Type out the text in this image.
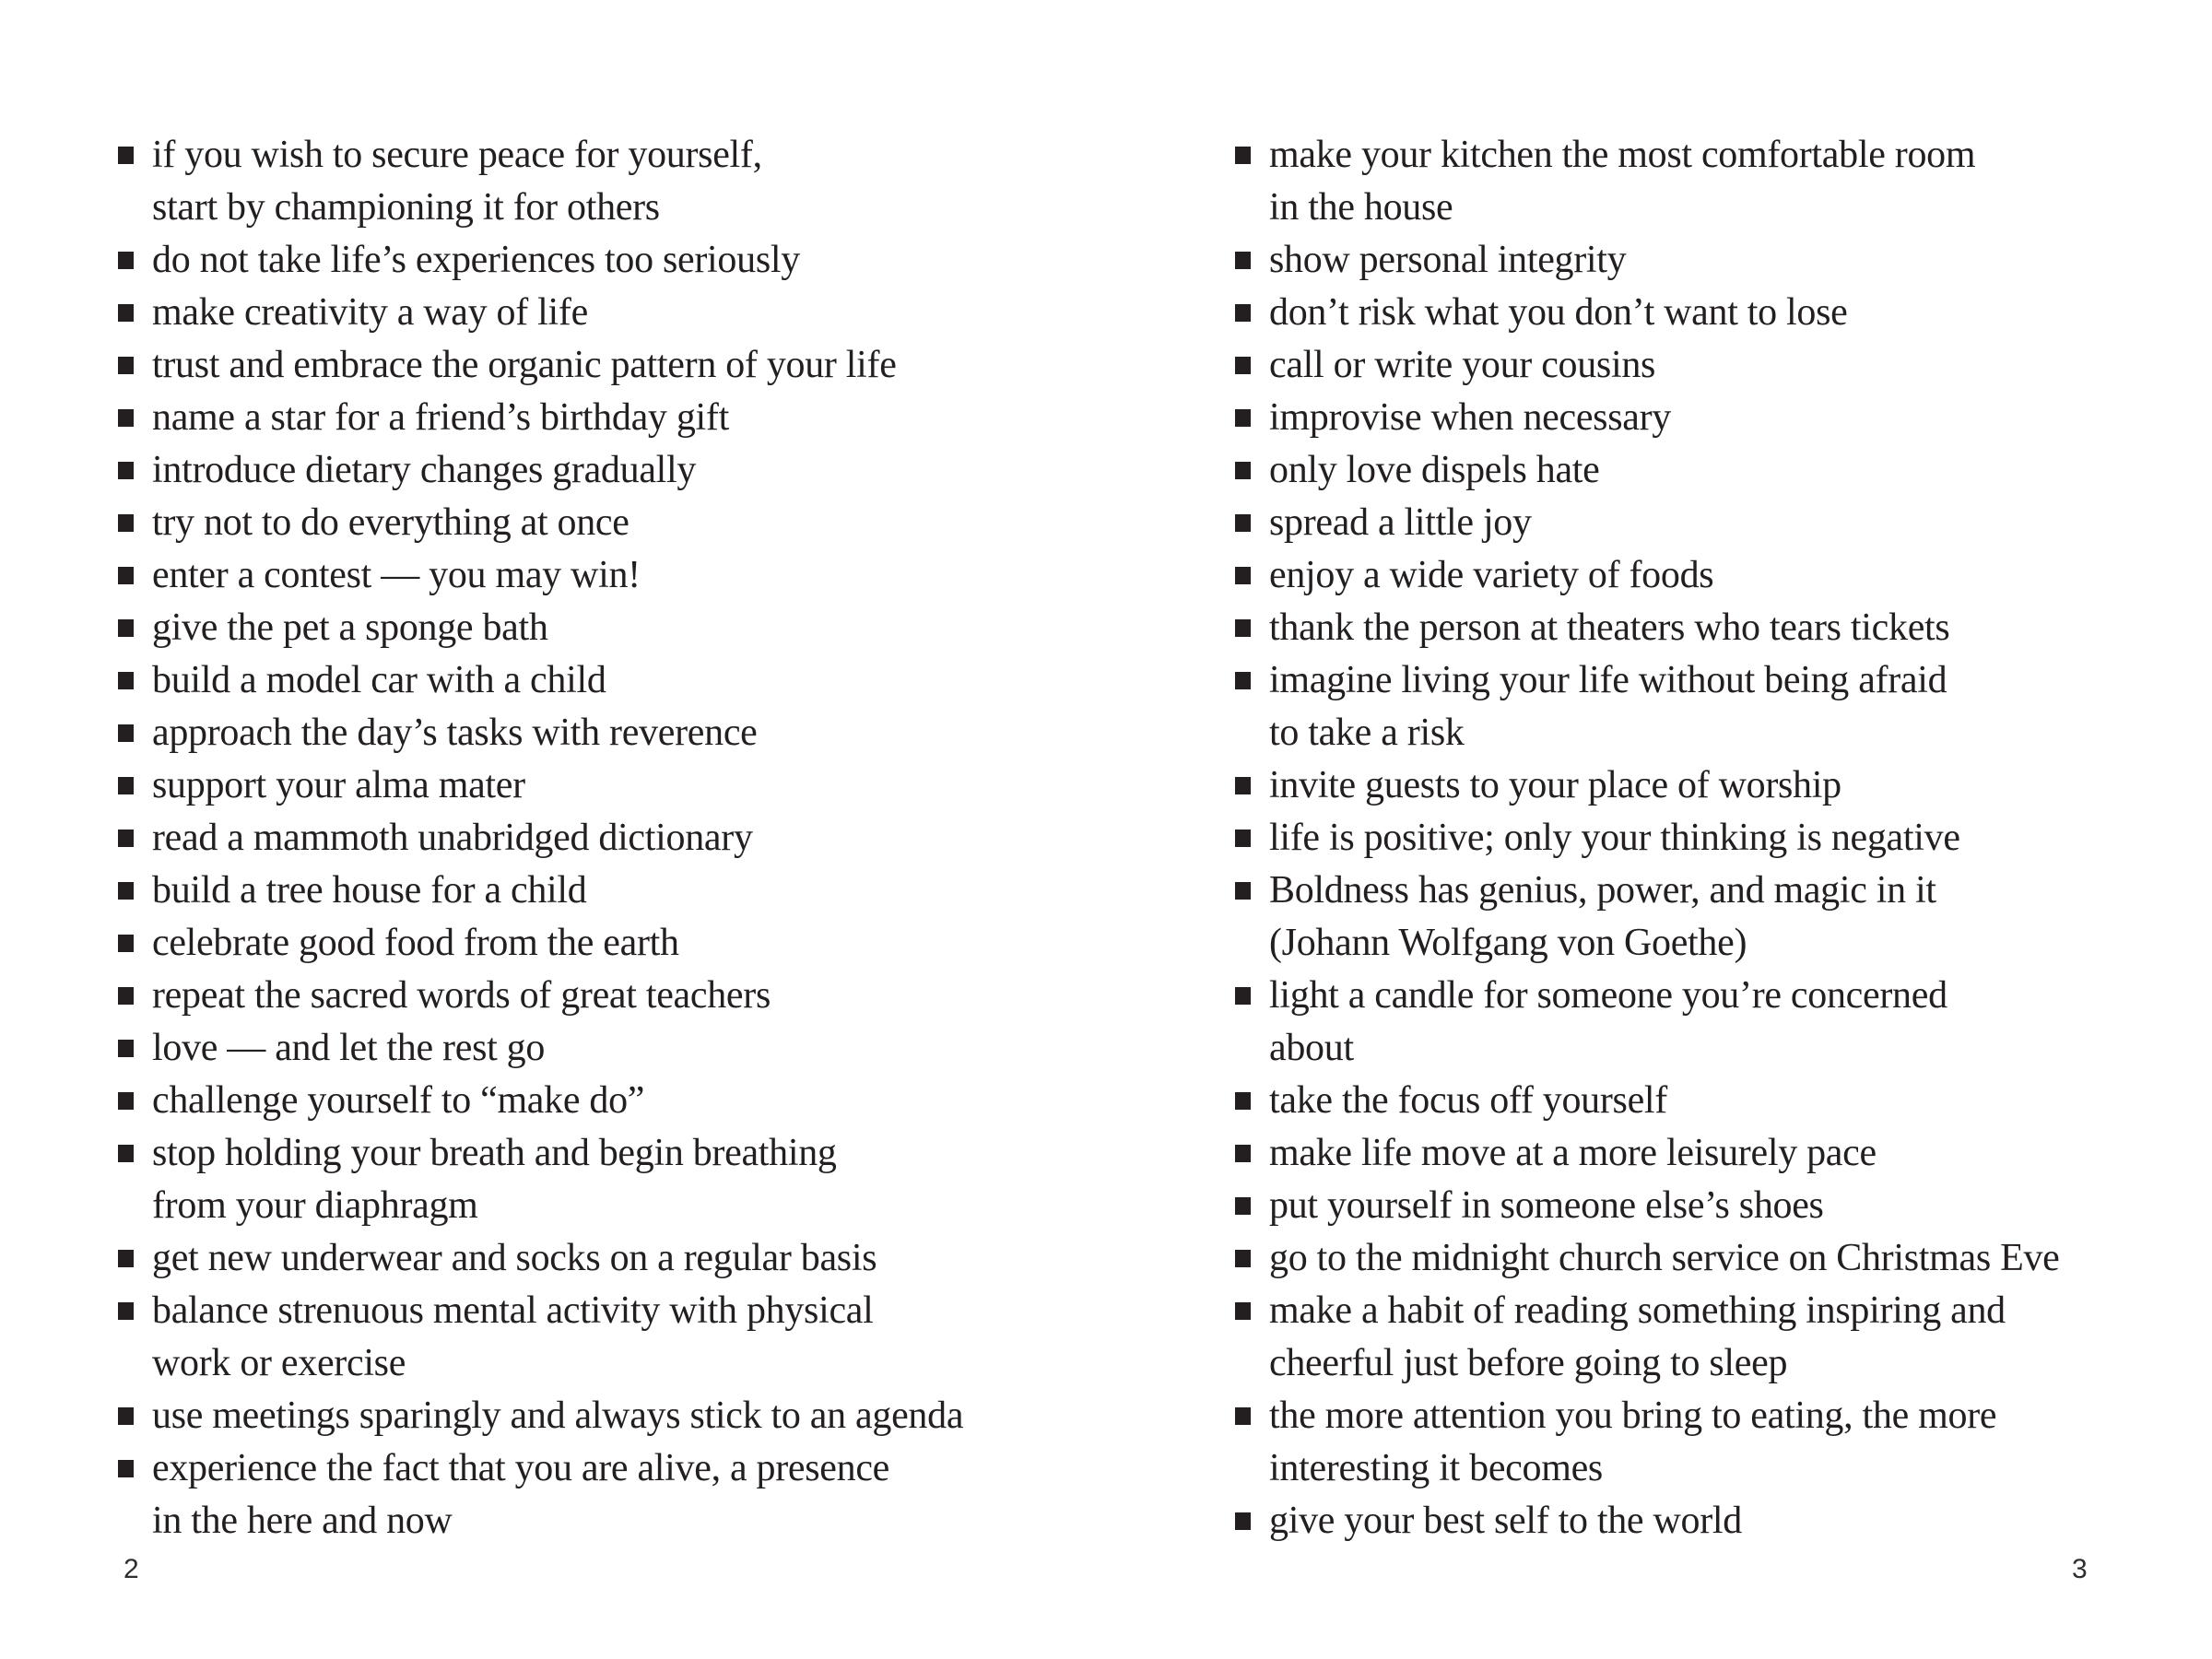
if you wish to secure peace for yourself,
start by championing it for others
do not take life’s experiences too seriously
make creativity a way of life
trust and embrace the organic pattern of your life
name a star for a friend’s birthday gift
introduce dietary changes gradually
try not to do everything at once
enter a contest — you may win!
give the pet a sponge bath
build a model car with a child
approach the day’s tasks with reverence
support your alma mater
read a mammoth unabridged dictionary
build a tree house for a child
celebrate good food from the earth
repeat the sacred words of great teachers
love — and let the rest go
challenge yourself to “make do”
stop holding your breath and begin breathing
from your diaphragm
get new underwear and socks on a regular basis
balance strenuous mental activity with physical
work or exercise
use meetings sparingly and always stick to an agenda
experience the fact that you are alive, a presence
in the here and now
make your kitchen the most comfortable room
in the house
show personal integrity
don’t risk what you don’t want to lose
call or write your cousins
improvise when necessary
only love dispels hate
spread a little joy
enjoy a wide variety of foods
thank the person at theaters who tears tickets
imagine living your life without being afraid
to take a risk
invite guests to your place of worship
life is positive; only your thinking is negative
Boldness has genius, power, and magic in it
(Johann Wolfgang von Goethe)
light a candle for someone you’re concerned
about
take the focus off yourself
make life move at a more leisurely pace
put yourself in someone else’s shoes
go to the midnight church service on Christmas Eve
make a habit of reading something inspiring and
cheerful just before going to sleep
the more attention you bring to eating, the more
interesting it becomes
give your best self to the world
2	3
